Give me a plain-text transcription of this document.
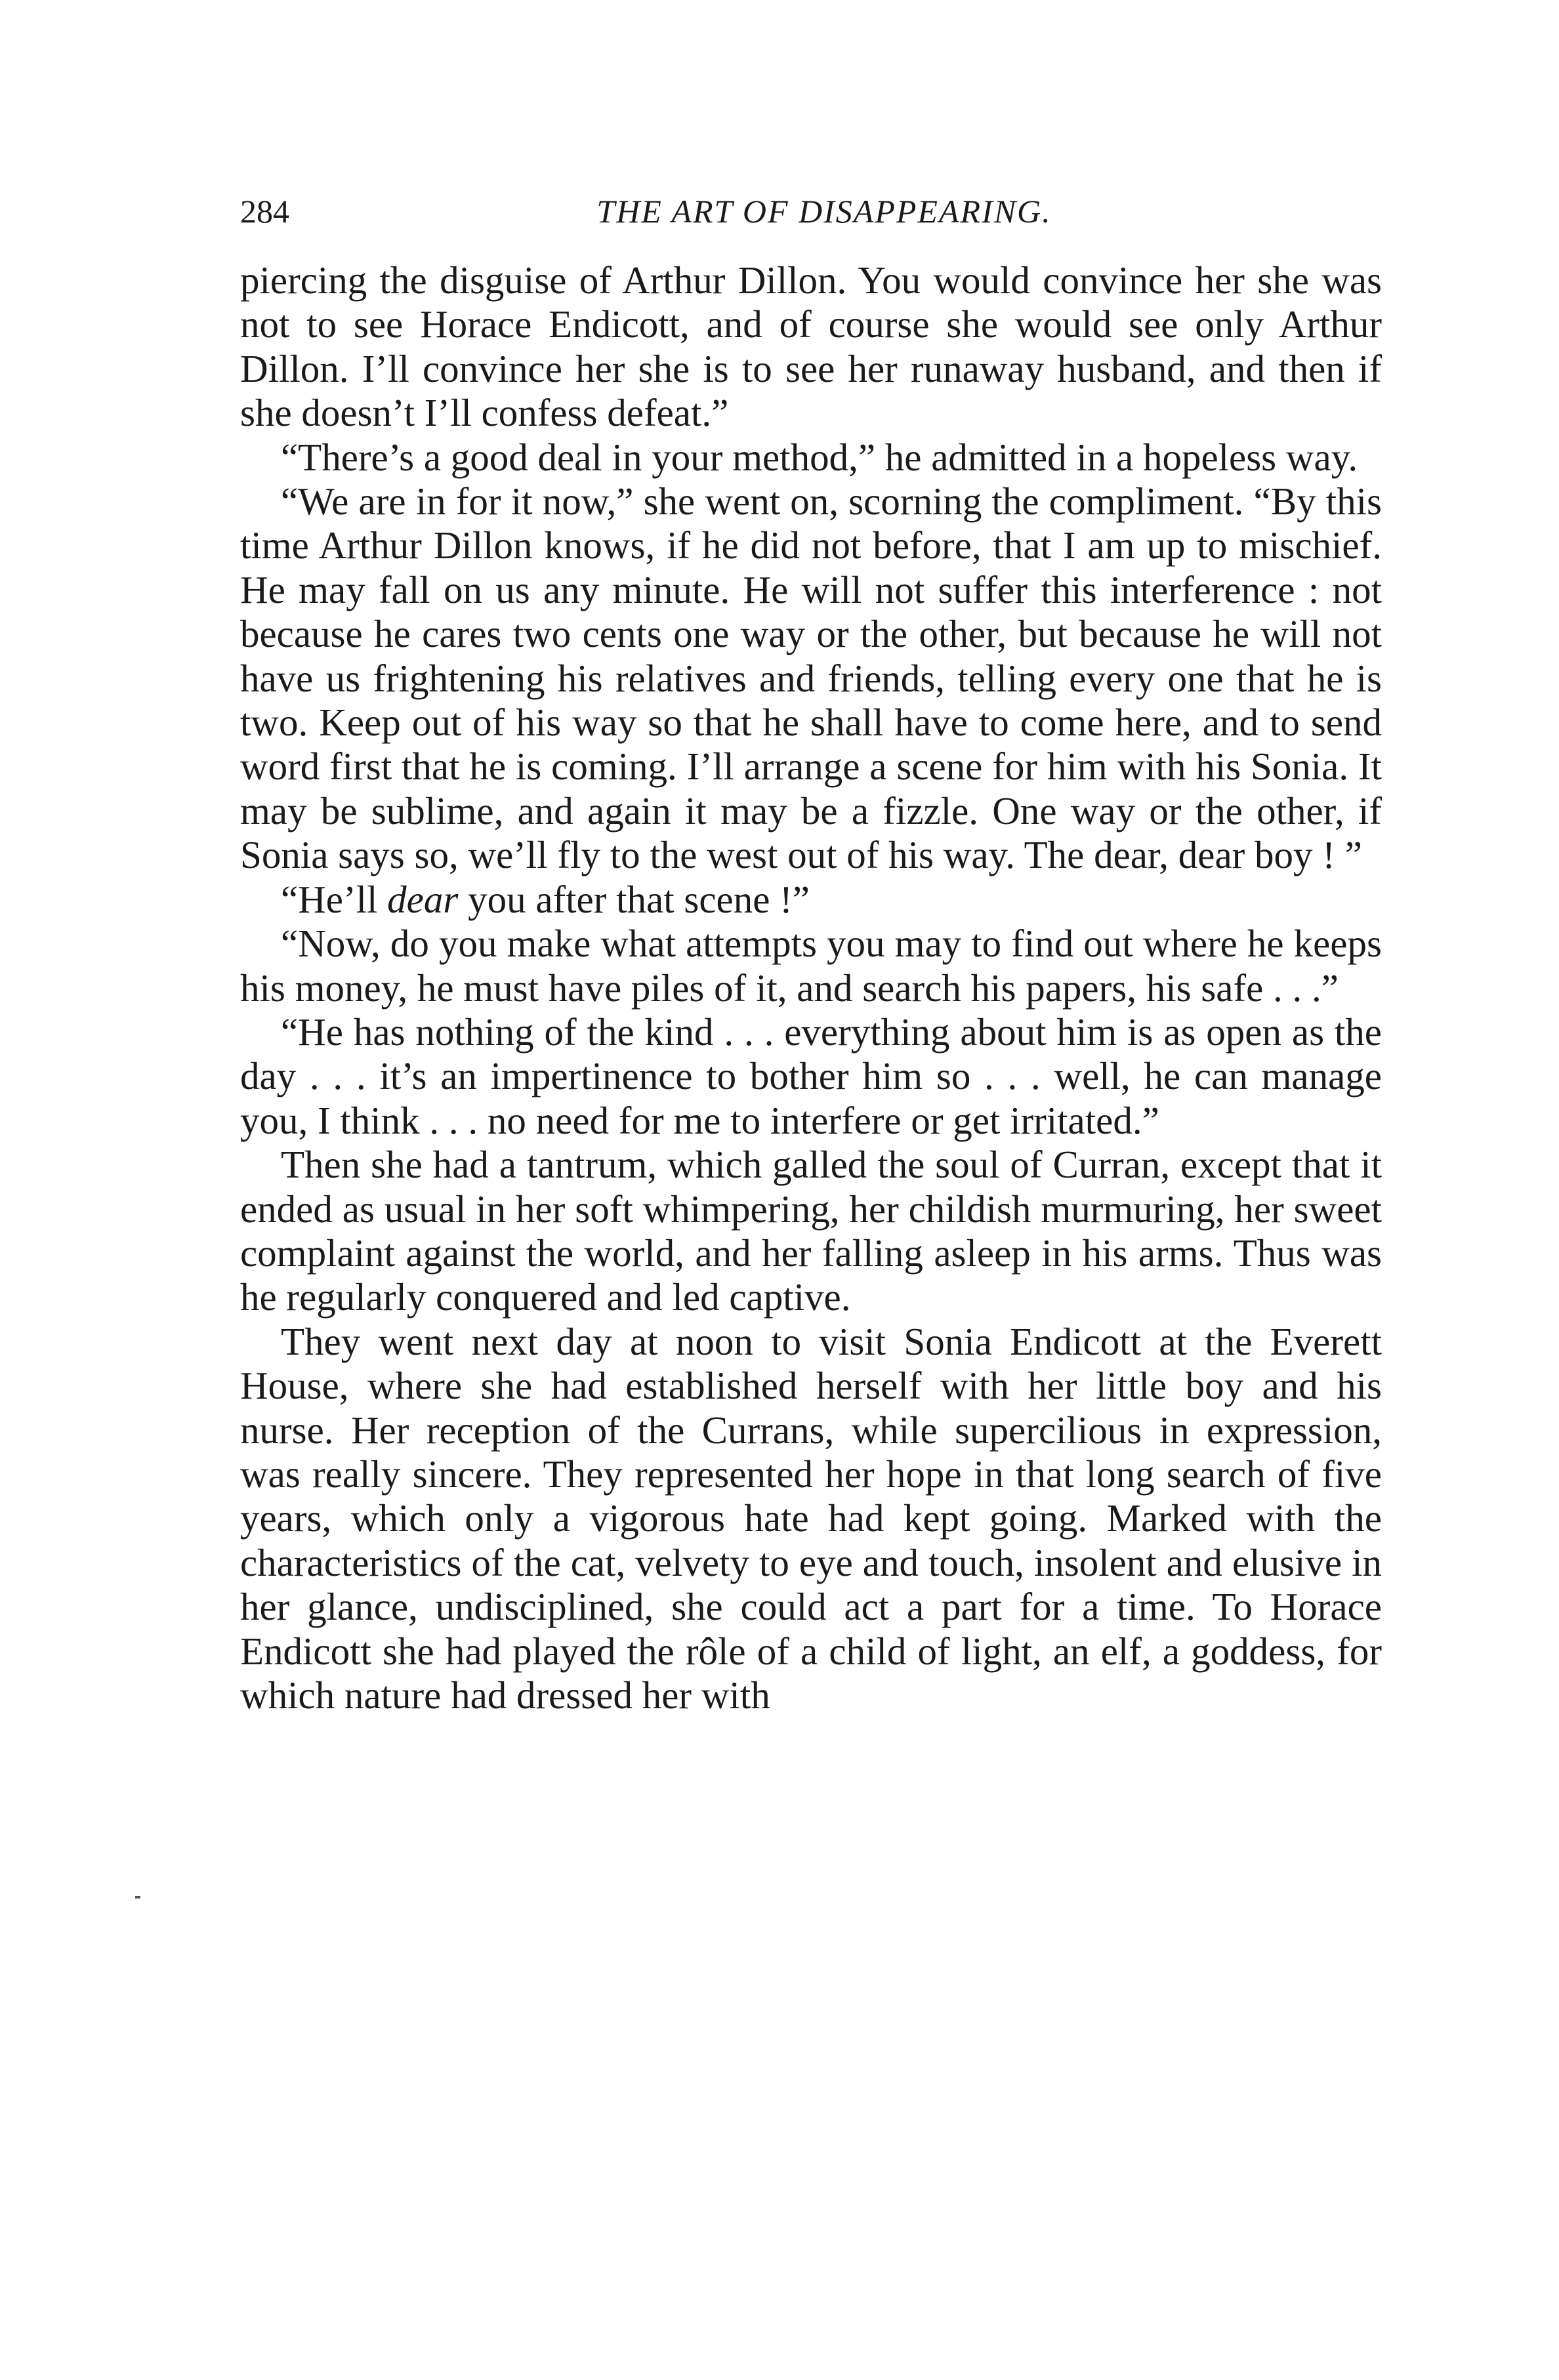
284	THE ART OF DISAPPEARING.

piercing the disguise of Arthur Dillon. You would convince her she was not to see Horace Endicott, and of course she would see only Arthur Dillon. I’ll convince her she is to see her runaway husband, and then if she doesn’t I’ll confess defeat.”

“There’s a good deal in your method,” he admitted in a hopeless way.

“We are in for it now,” she went on, scorning the compliment. “By this time Arthur Dillon knows, if he did not before, that I am up to mischief. He may fall on us any minute. He will not suffer this interference : not because he cares two cents one way or the other, but because he will not have us frightening his relatives and friends, telling every one that he is two. Keep out of his way so that he shall have to come here, and to send word first that he is coming. I’ll arrange a scene for him with his Sonia. It may be sublime, and again it may be a fizzle. One way or the other, if Sonia says so, we’ll fly to the west out of his way. The dear, dear boy ! ”

“He’ll dear you after that scene !”

“Now, do you make what attempts you may to find out where he keeps his money, he must have piles of it, and search his papers, his safe . . .”

“He has nothing of the kind . . . everything about him is as open as the day . . . it’s an impertinence to bother him so . . . well, he can manage you, I think . . . no need for me to interfere or get irritated.”

Then she had a tantrum, which galled the soul of Curran, except that it ended as usual in her soft whimpering, her childish murmuring, her sweet complaint against the world, and her falling asleep in his arms. Thus was he regularly conquered and led captive.

They went next day at noon to visit Sonia Endicott at the Everett House, where she had established herself with her little boy and his nurse. Her reception of the Currans, while supercilious in expression, was really sincere. They represented her hope in that long search of five years, which only a vigorous hate had kept going. Marked with the characteristics of the cat, velvety to eye and touch, insolent and elusive in her glance, undisciplined, she could act a part for a time. To Horace Endicott she had played the rôle of a child of light, an elf, a goddess, for which nature had dressed her with
